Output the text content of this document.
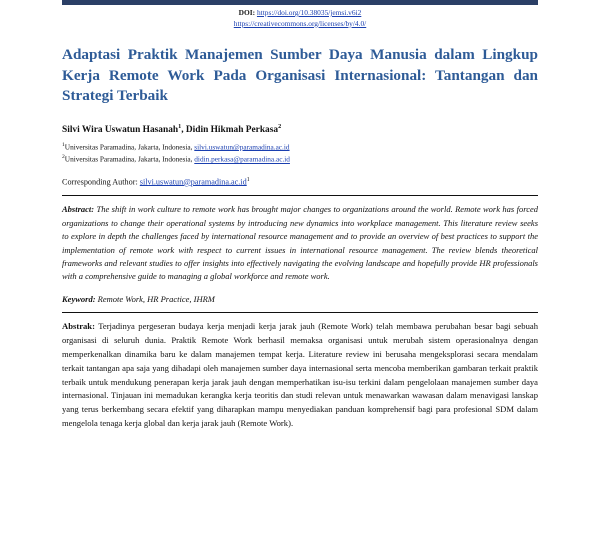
DOI: https://doi.org/10.38035/jemsi.v6i2
https://creativecommons.org/licenses/by/4.0/
Adaptasi Praktik Manajemen Sumber Daya Manusia dalam Lingkup Kerja Remote Work Pada Organisasi Internasional: Tantangan dan Strategi Terbaik
Silvi Wira Uswatun Hasanah$^1$, Didin Hikmah Perkasa$^2$
$^1$Universitas Paramadina, Jakarta, Indonesia, silvi.uswatun@paramadina.ac.id
$^2$Universitas Paramadina, Jakarta, Indonesia, didin.perkasa@paramadina.ac.id
Corresponding Author: $silvi.uswatun@paramadina.ac.id^1$
Abstract: The shift in work culture to remote work has brought major changes to organizations around the world. Remote work has forced organizations to change their operational systems by introducing new dynamics into workplace management. This literature review seeks to explore in depth the challenges faced by international resource management and to provide an overview of best practices to support the implementation of remote work with respect to current issues in international resource management. The review blends theoretical frameworks and relevant studies to offer insights into effectively navigating the evolving landscape and hopefully provide HR professionals with a comprehensive guide to managing a global workforce and remote work.
Keyword: Remote Work, HR Practice, IHRM
Abstrak: Terjadinya pergeseran budaya kerja menjadi kerja jarak jauh (Remote Work) telah membawa perubahan besar bagi sebuah organisasi di seluruh dunia. Praktik Remote Work berhasil memaksa organisasi untuk merubah sistem operasionalnya dengan memperkenalkan dinamika baru ke dalam manajemen tempat kerja. Literature review ini berusaha mengeksplorasi secara mendalam terkait tantangan apa saja yang dihadapi oleh manajemen sumber daya internasional serta mencoba memberikan gambaran terkait praktik terbaik untuk mendukung penerapan kerja jarak jauh dengan memperhatikan isu-isu terkini dalam pengelolaan manajemen sumber daya internasional. Tinjauan ini memadukan kerangka kerja teoritis dan studi relevan untuk menawarkan wawasan dalam menavigasi lanskap yang terus berkembang secara efektif yang diharapkan mampu menyediakan panduan komprehensif bagi para profesional SDM dalam mengelola tenaga kerja global dan kerja jarak jauh (Remote Work).
